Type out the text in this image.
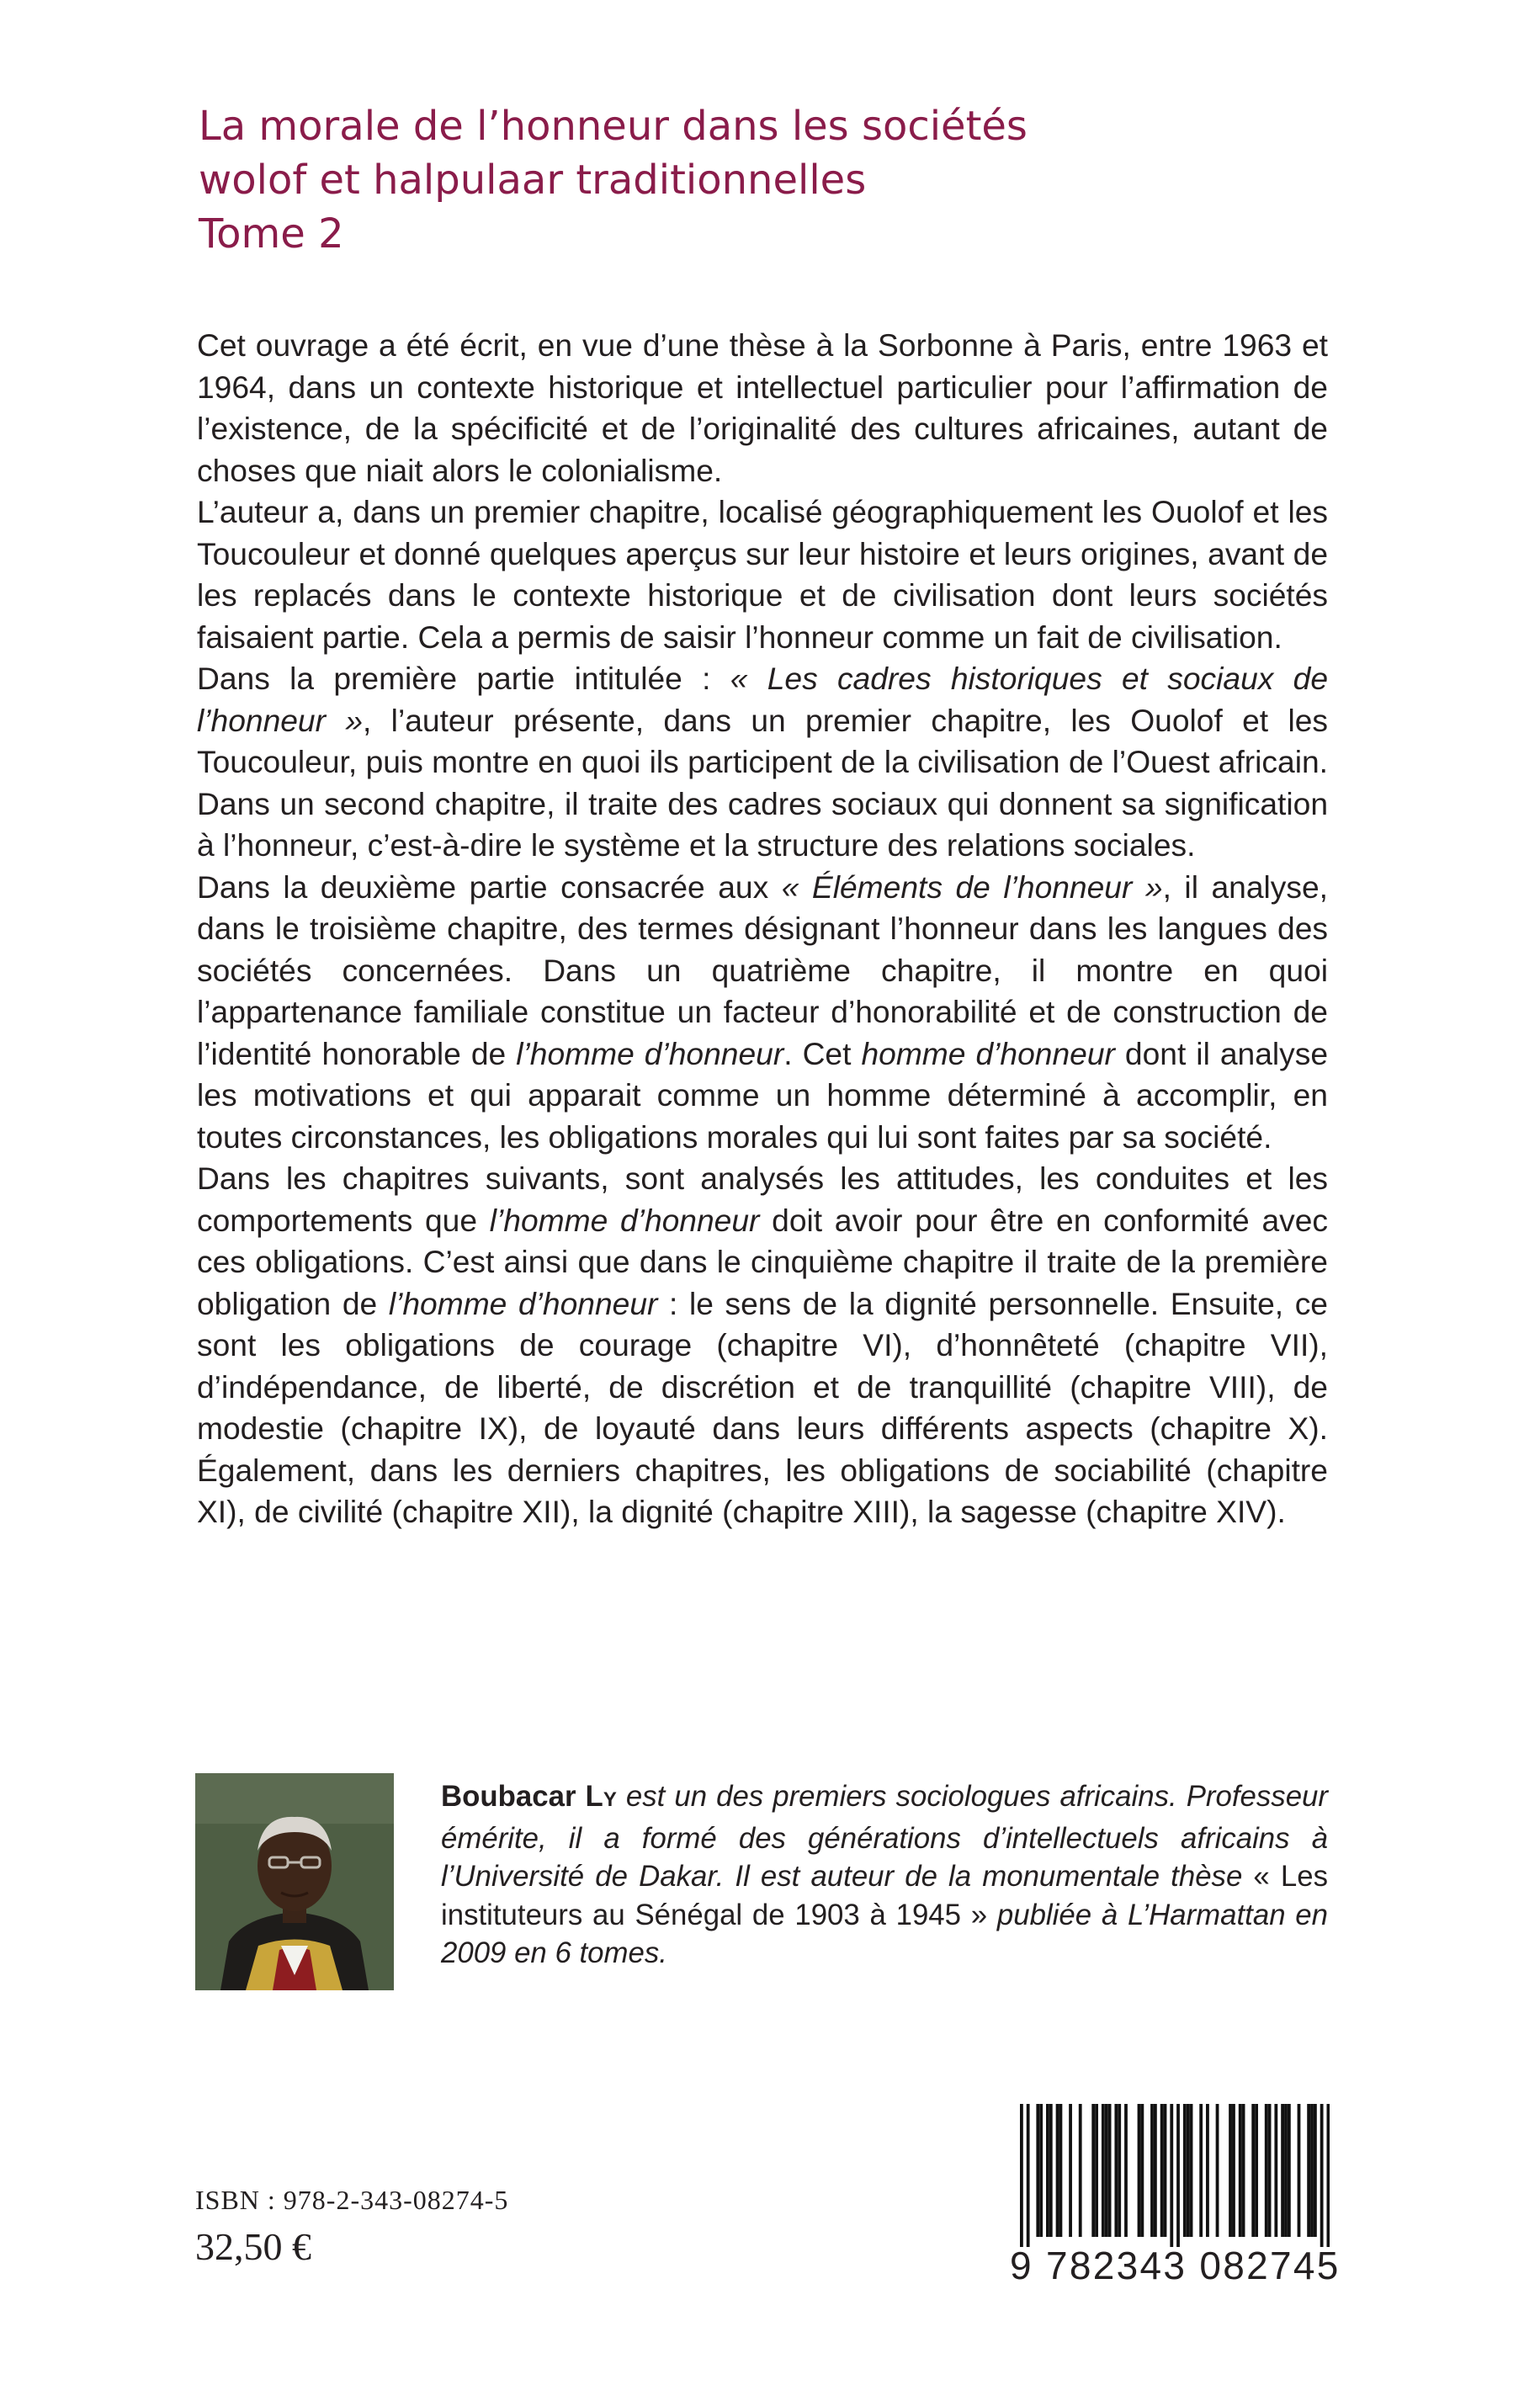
La morale de l’honneur dans les sociétés
wolof et halpulaar traditionnelles
Tome 2

Cet ouvrage a été écrit, en vue d’une thèse à la Sorbonne à Paris, entre 1963 et 1964, dans un contexte historique et intellectuel particulier pour l’affirmation de l’existence, de la spécificité et de l’originalité des cultures africaines, autant de choses que niait alors le colonialisme.

L’auteur a, dans un premier chapitre, localisé géographiquement les Ouolof et les Toucouleur et donné quelques aperçus sur leur histoire et leurs origines, avant de les replacés dans le contexte historique et de civilisation dont leurs sociétés faisaient partie. Cela a permis de saisir l’honneur comme un fait de civilisation.

Dans la première partie intitulée : « Les cadres historiques et sociaux de l’honneur », l’auteur présente, dans un premier chapitre, les Ouolof et les Toucouleur, puis montre en quoi ils participent de la civilisation de l’Ouest africain. Dans un second chapitre, il traite des cadres sociaux qui donnent sa signification à l’honneur, c’est-à-dire le système et la structure des relations sociales.

Dans la deuxième partie consacrée aux « Éléments de l’honneur », il analyse, dans le troisième chapitre, des termes désignant l’honneur dans les langues des sociétés concernées. Dans un quatrième chapitre, il montre en quoi l’appartenance familiale constitue un facteur d’honorabilité et de construction de l’identité honorable de l’homme d’honneur. Cet homme d’honneur dont il analyse les motivations et qui apparait comme un homme déterminé à accomplir, en toutes circonstances, les obligations morales qui lui sont faites par sa société.

Dans les chapitres suivants, sont analysés les attitudes, les conduites et les comportements que l’homme d’honneur doit avoir pour être en conformité avec ces obligations. C’est ainsi que dans le cinquième chapitre il traite de la première obligation de l’homme d’honneur : le sens de la dignité personnelle. Ensuite, ce sont les obligations de courage (chapitre VI), d’honnêteté (chapitre VII), d’indépendance, de liberté, de discrétion et de tranquillité (chapitre VIII), de modestie (chapitre IX), de loyauté dans leurs différents aspects (chapitre X). Également, dans les derniers chapitres, les obligations de sociabilité (chapitre XI), de civilité (chapitre XII), la dignité (chapitre XIII), la sagesse (chapitre XIV).

Boubacar LY est un des premiers sociologues africains. Professeur émérite, il a formé des générations d’intellectuels africains à l’Université de Dakar. Il est auteur de la monumentale thèse « Les instituteurs au Sénégal de 1903 à 1945 » publiée à L’Harmattan en 2009 en 6 tomes.
ISBN : 978-2-343-08274-5
32,50 €	9 782343 082745
